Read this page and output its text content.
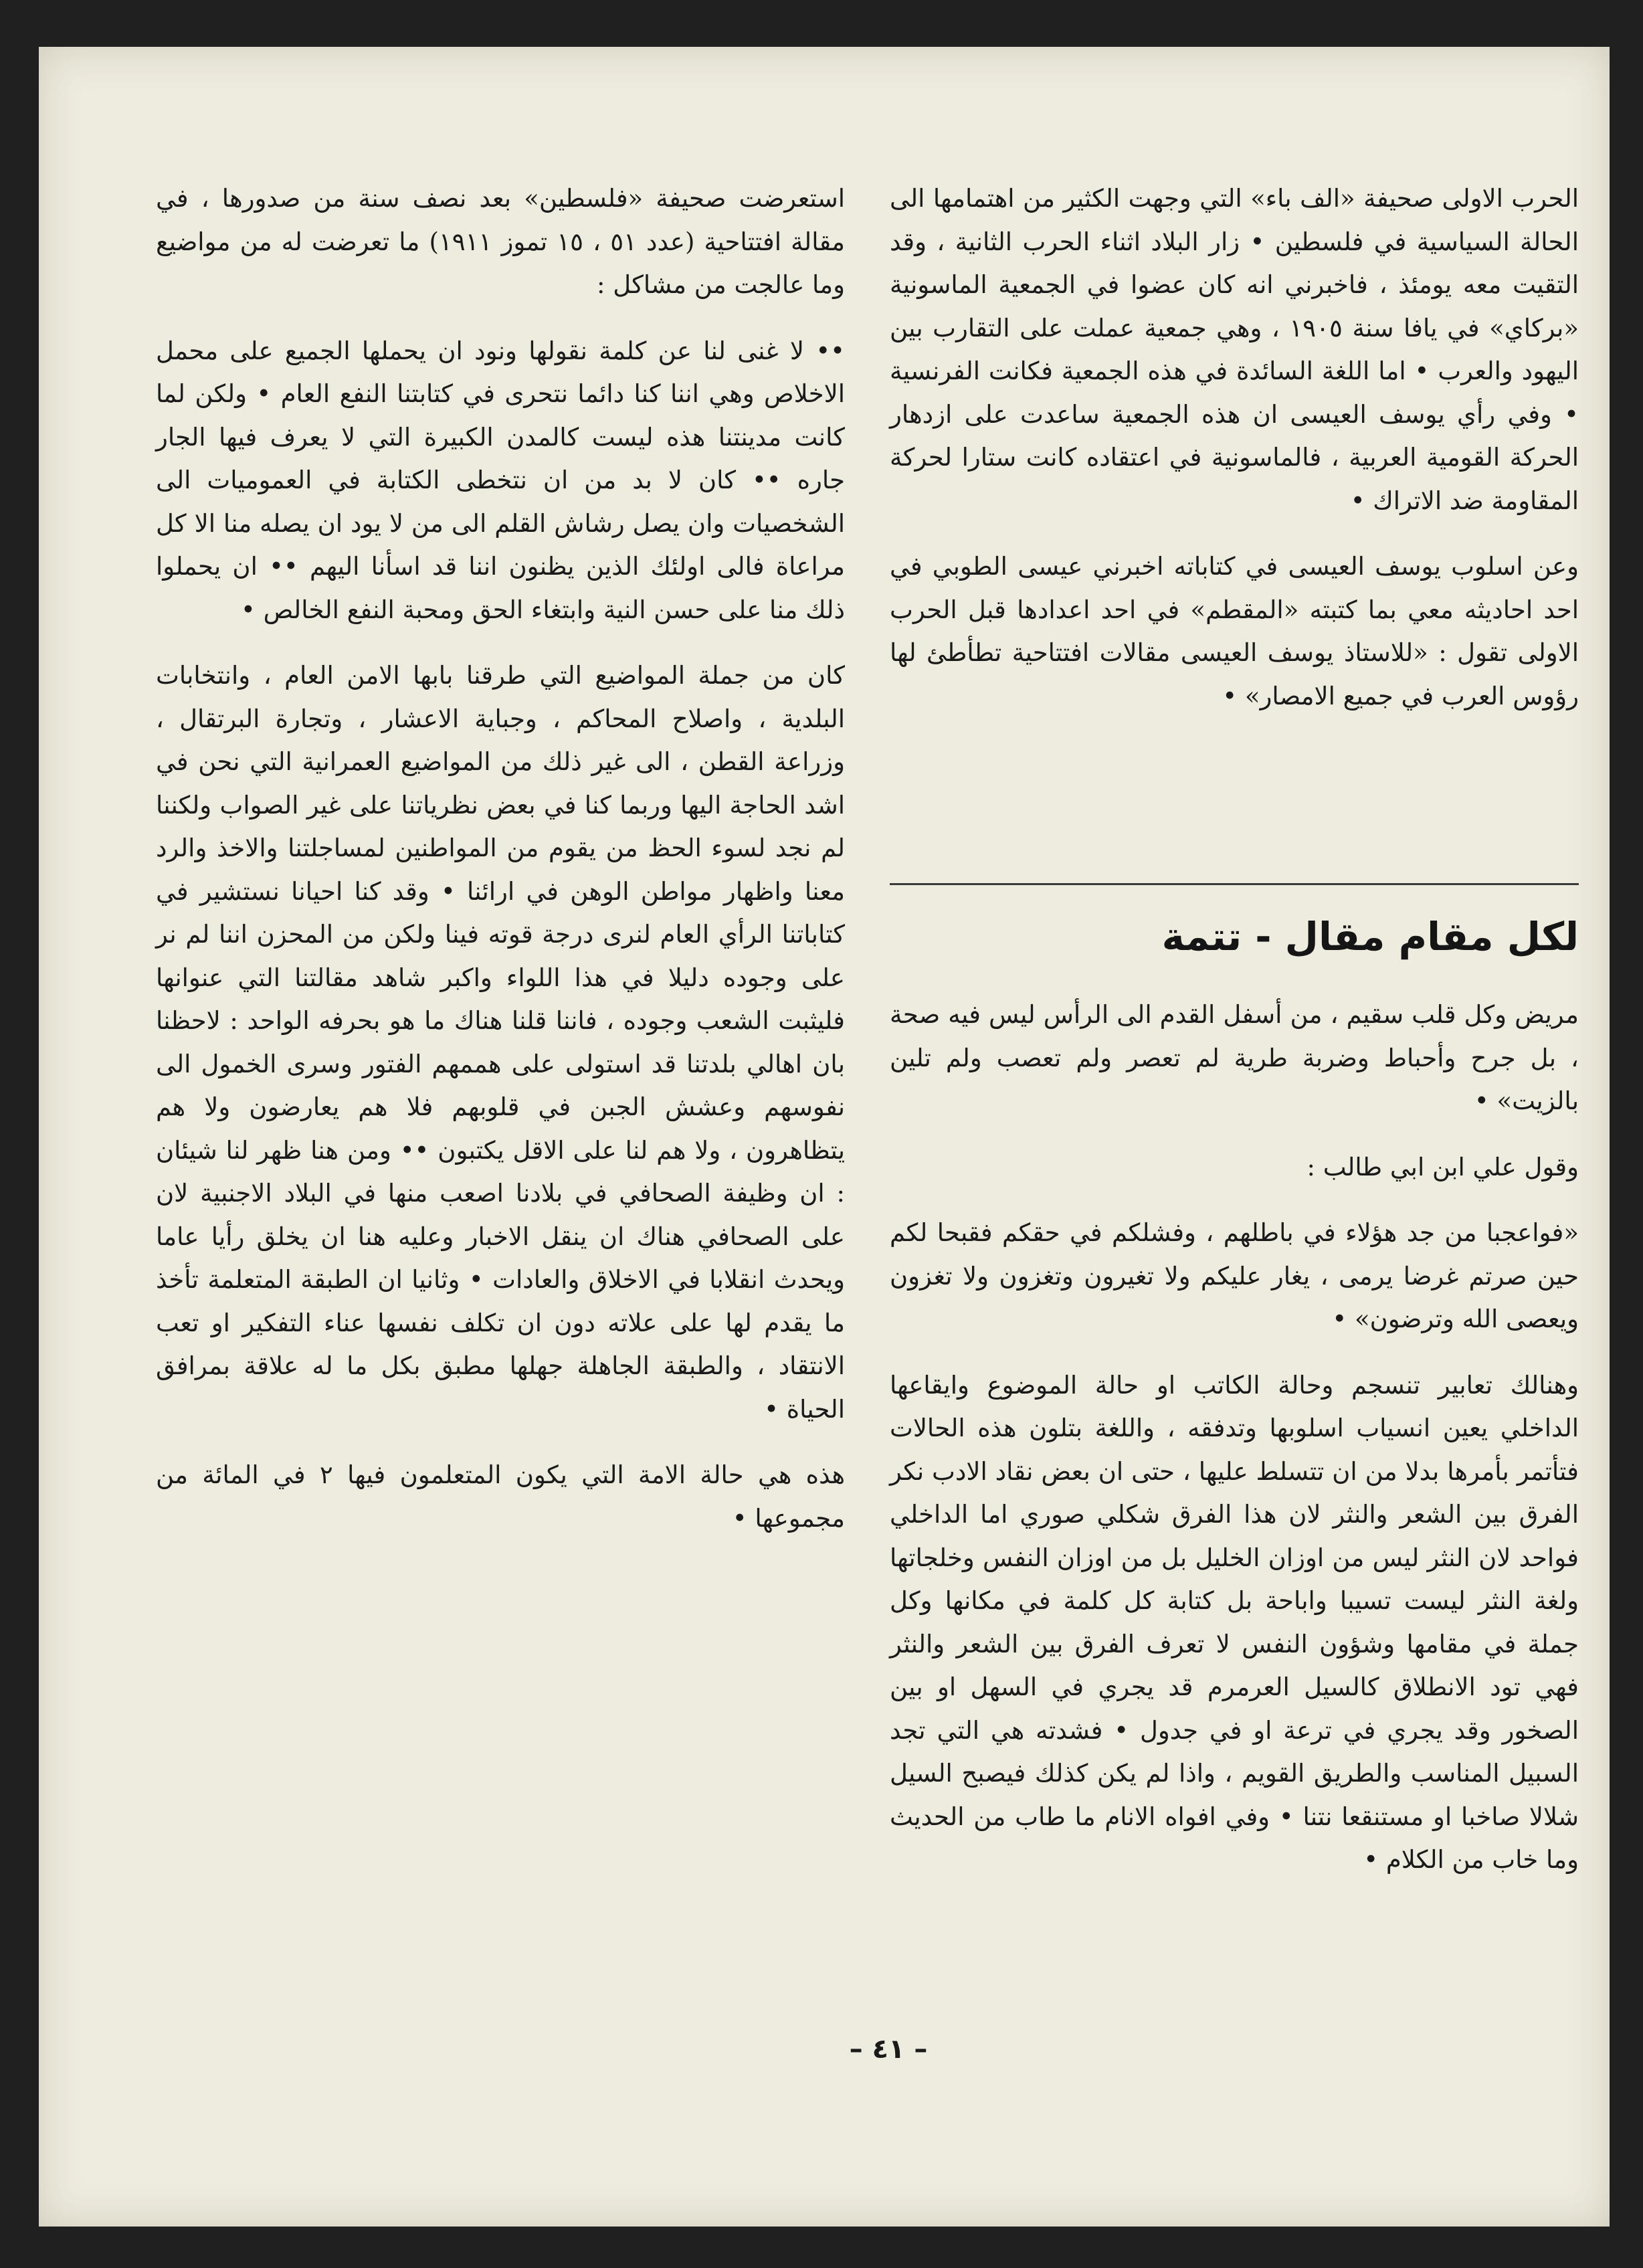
الحرب الاولى صحيفة «الف باء» التي وجهت الكثير من اهتمامها الى الحالة السياسية في فلسطين • زار البلاد اثناء الحرب الثانية ، وقد التقيت معه يومئذ ، فاخبرني انه كان عضوا في الجمعية الماسونية «بركاي» في يافا سنة ١٩٠٥ ، وهي جمعية عملت على التقارب بين اليهود والعرب • اما اللغة السائدة في هذه الجمعية فكانت الفرنسية • وفي رأي يوسف العيسى ان هذه الجمعية ساعدت على ازدهار الحركة القومية العربية ، فالماسونية في اعتقاده كانت ستارا لحركة المقاومة ضد الاتراك •

وعن اسلوب يوسف العيسى في كتاباته اخبرني عيسى الطوبي في احد احاديثه معي بما كتبته «المقطم» في احد اعدادها قبل الحرب الاولى تقول : «للاستاذ يوسف العيسى مقالات افتتاحية تطأطئ لها رؤوس العرب في جميع الامصار» •

لكل مقام مقال - تتمة

مريض وكل قلب سقيم ، من أسفل القدم الى الرأس ليس فيه صحة ، بل جرح وأحباط وضربة طرية لم تعصر ولم تعصب ولم تلين بالزيت» •

وقول علي ابن ابي طالب :

«فواعجبا من جد هؤلاء في باطلهم ، وفشلكم في حقكم فقبحا لكم حين صرتم غرضا يرمى ، يغار عليكم ولا تغيرون وتغزون ولا تغزون ويعصى الله وترضون» •

وهنالك تعابير تنسجم وحالة الكاتب او حالة الموضوع وايقاعها الداخلي يعين انسياب اسلوبها وتدفقه ، واللغة بتلون هذه الحالات فتأتمر بأمرها بدلا من ان تتسلط عليها ، حتى ان بعض نقاد الادب نكر الفرق بين الشعر والنثر لان هذا الفرق شكلي صوري اما الداخلي فواحد لان النثر ليس من اوزان الخليل بل من اوزان النفس وخلجاتها ولغة النثر ليست تسيبا واباحة بل كتابة كل كلمة في مكانها وكل جملة في مقامها وشؤون النفس لا تعرف الفرق بين الشعر والنثر فهي تود الانطلاق كالسيل العرمرم قد يجري في السهل او بين الصخور وقد يجري في ترعة او في جدول • فشدته هي التي تجد السبيل المناسب والطريق القويم ، واذا لم يكن كذلك فيصبح السيل شلالا صاخبا او مستنقعا نتنا • وفي افواه الانام ما طاب من الحديث وما خاب من الكلام •

استعرضت صحيفة «فلسطين» بعد نصف سنة من صدورها ، في مقالة افتتاحية (عدد ٥١ ، ١٥ تموز ١٩١١) ما تعرضت له من مواضيع وما عالجت من مشاكل :

•• لا غنى لنا عن كلمة نقولها ونود ان يحملها الجميع على محمل الاخلاص وهي اننا كنا دائما نتحرى في كتابتنا النفع العام • ولكن لما كانت مدينتنا هذه ليست كالمدن الكبيرة التي لا يعرف فيها الجار جاره •• كان لا بد من ان نتخطى الكتابة في العموميات الى الشخصيات وان يصل رشاش القلم الى من لا يود ان يصله منا الا كل مراعاة فالى اولئك الذين يظنون اننا قد اسأنا اليهم •• ان يحملوا ذلك منا على حسن النية وابتغاء الحق ومحبة النفع الخالص •

كان من جملة المواضيع التي طرقنا بابها الامن العام ، وانتخابات البلدية ، واصلاح المحاكم ، وجباية الاعشار ، وتجارة البرتقال ، وزراعة القطن ، الى غير ذلك من المواضيع العمرانية التي نحن في اشد الحاجة اليها وربما كنا في بعض نظرياتنا على غير الصواب ولكننا لم نجد لسوء الحظ من يقوم من المواطنين لمساجلتنا والاخذ والرد معنا واظهار مواطن الوهن في ارائنا • وقد كنا احيانا نستشير في كتاباتنا الرأي العام لنرى درجة قوته فينا ولكن من المحزن اننا لم نر على وجوده دليلا في هذا اللواء واكبر شاهد مقالتنا التي عنوانها فليثبت الشعب وجوده ، فاننا قلنا هناك ما هو بحرفه الواحد : لاحظنا بان اهالي بلدتنا قد استولى على هممهم الفتور وسرى الخمول الى نفوسهم وعشش الجبن في قلوبهم فلا هم يعارضون ولا هم يتظاهرون ، ولا هم لنا على الاقل يكتبون •• ومن هنا ظهر لنا شيئان : ان وظيفة الصحافي في بلادنا اصعب منها في البلاد الاجنبية لان على الصحافي هناك ان ينقل الاخبار وعليه هنا ان يخلق رأيا عاما ويحدث انقلابا في الاخلاق والعادات • وثانيا ان الطبقة المتعلمة تأخذ ما يقدم لها على علاته دون ان تكلف نفسها عناء التفكير او تعب الانتقاد ، والطبقة الجاهلة جهلها مطبق بكل ما له علاقة بمرافق الحياة •

هذه هي حالة الامة التي يكون المتعلمون فيها ٢ في المائة من مجموعها •

– ٤١ –
